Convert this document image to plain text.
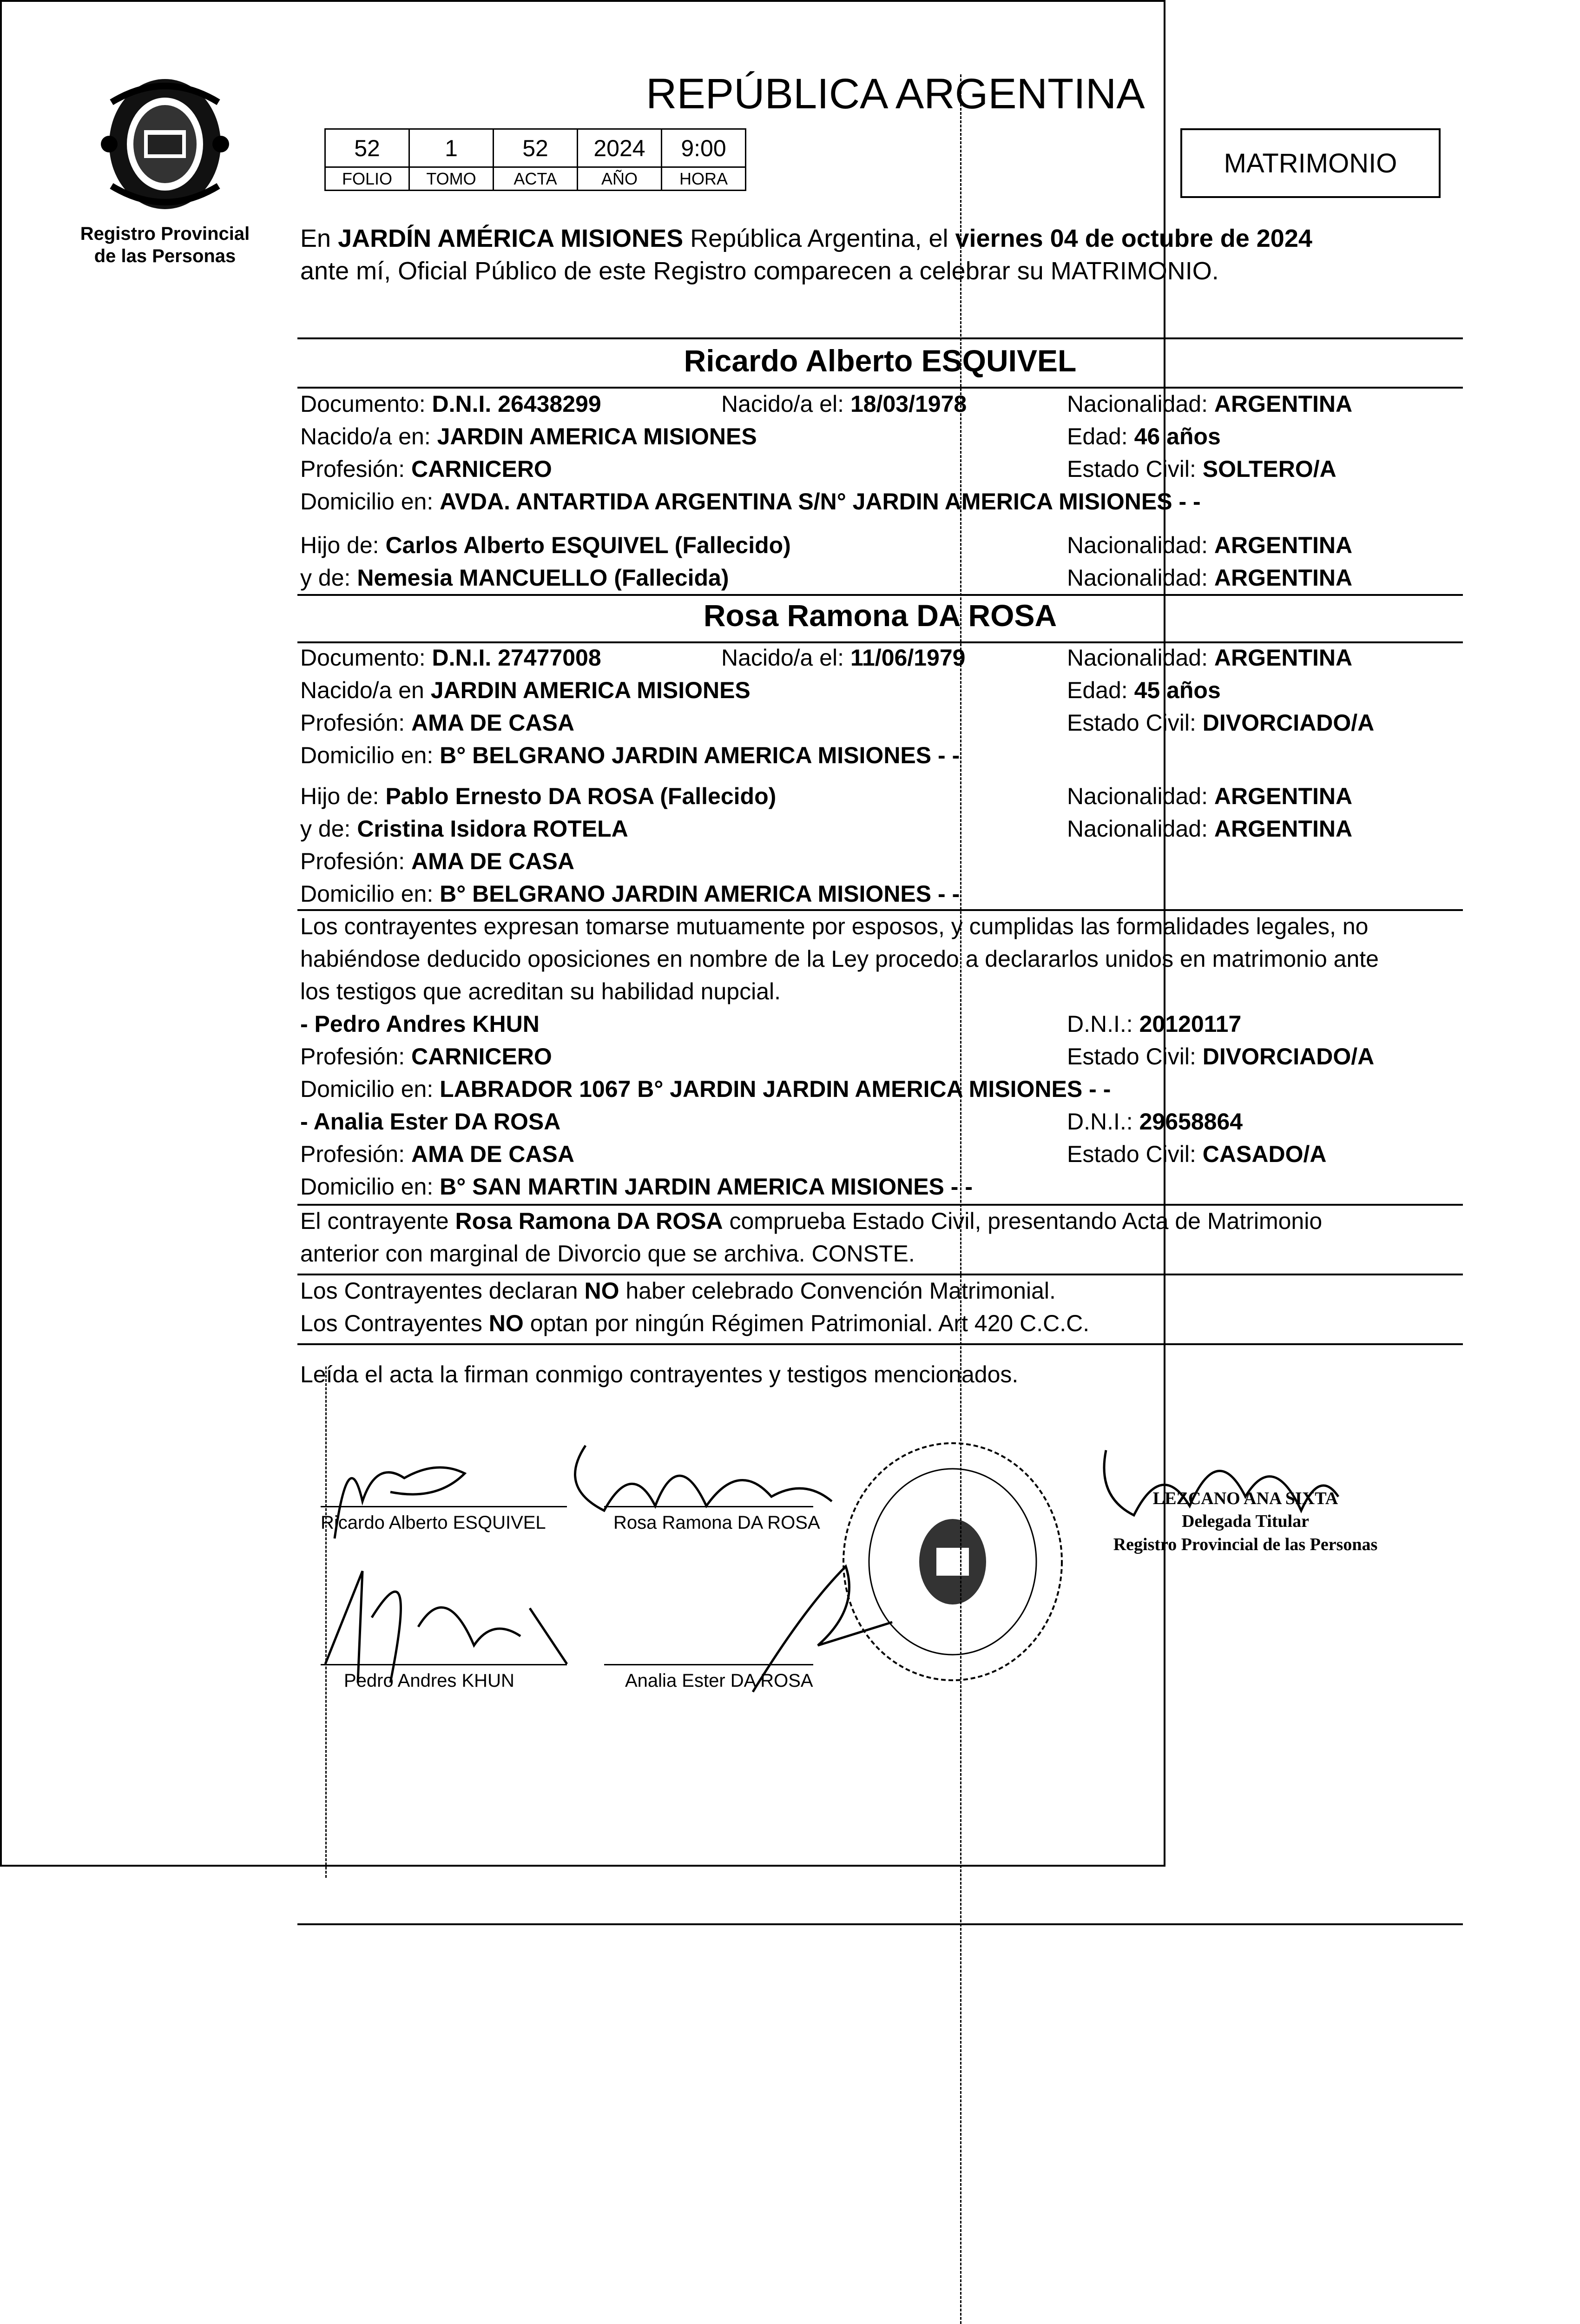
Registro Provincial
de las Personas
REPÚBLICA ARGENTINA
52	1	52	2024	9:00
FOLIO	TOMO	ACTA	AÑO	HORA
MATRIMONIO
En JARDÍN AMÉRICA MISIONES República Argentina, el viernes 04 de octubre de 2024
ante mí, Oficial Público de este Registro comparecen a celebrar su MATRIMONIO.
Ricardo Alberto ESQUIVEL
Documento: D.N.I. 26438299	Nacido/a el: 18/03/1978	Nacionalidad: ARGENTINA
Nacido/a en: JARDIN AMERICA MISIONES	Edad: 46 años
Profesión: CARNICERO	Estado Civil: SOLTERO/A
Domicilio en: AVDA. ANTARTIDA ARGENTINA S/N° JARDIN AMERICA MISIONES - -
Hijo de: Carlos Alberto ESQUIVEL (Fallecido)	Nacionalidad: ARGENTINA
y de: Nemesia MANCUELLO (Fallecida)	Nacionalidad: ARGENTINA
Rosa Ramona DA ROSA
Documento: D.N.I. 27477008	Nacido/a el: 11/06/1979	Nacionalidad: ARGENTINA
Nacido/a en JARDIN AMERICA MISIONES	Edad: 45 años
Profesión: AMA DE CASA	Estado Civil: DIVORCIADO/A
Domicilio en: B° BELGRANO JARDIN AMERICA MISIONES - -
Hijo de: Pablo Ernesto DA ROSA (Fallecido)	Nacionalidad: ARGENTINA
y de: Cristina Isidora ROTELA	Nacionalidad: ARGENTINA
Profesión: AMA DE CASA
Domicilio en: B° BELGRANO JARDIN AMERICA MISIONES - -
Los contrayentes expresan tomarse mutuamente por esposos, y cumplidas las formalidades legales, no
habiéndose deducido oposiciones en nombre de la Ley procedo a declararlos unidos en matrimonio ante
los testigos que acreditan su habilidad nupcial.
- Pedro Andres KHUN	D.N.I.: 20120117
Profesión: CARNICERO	Estado Civil: DIVORCIADO/A
Domicilio en: LABRADOR 1067 B° JARDIN JARDIN AMERICA MISIONES - -
- Analia Ester DA ROSA	D.N.I.: 29658864
Profesión: AMA DE CASA	Estado Civil: CASADO/A
Domicilio en: B° SAN MARTIN JARDIN AMERICA MISIONES - -
El contrayente Rosa Ramona DA ROSA comprueba Estado Civil, presentando Acta de Matrimonio
anterior con marginal de Divorcio que se archiva. CONSTE.
Los Contrayentes declaran NO haber celebrado Convención Matrimonial.
Los Contrayentes NO optan por ningún Régimen Patrimonial. Art 420 C.C.C.
Leída el acta la firman conmigo contrayentes y testigos mencionados.
Ricardo Alberto ESQUIVEL	Rosa Ramona DA ROSA
Pedro Andres KHUN	Analia Ester DA ROSA
LEZCANO ANA SIXTA
Delegada Titular
Registro Provincial de las Personas
